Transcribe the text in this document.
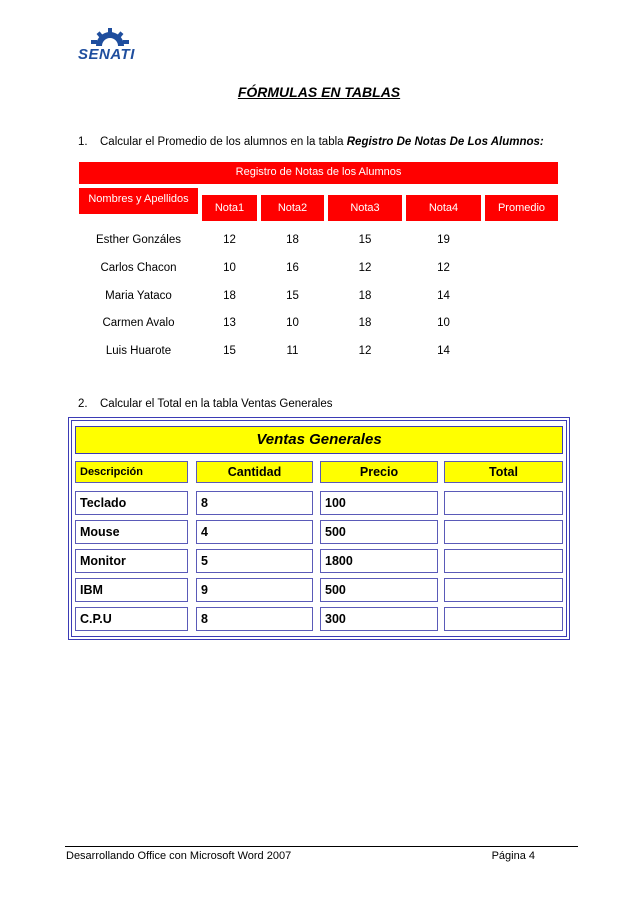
SENATI
FÓRMULAS EN TABLAS
1. Calcular el Promedio de los alumnos en la tabla Registro De Notas De Los Alumnos:
Registro de Notas de los Alumnos
Nombres y Apellidos
Nota1	Nota2	Nota3	Nota4	Promedio
Esther Gonzáles	12	18	15	19
Carlos Chacon	10	16	12	12
Maria Yataco	18	15	18	14
Carmen Avalo	13	10	18	10
Luis Huarote	15	11	12	14
2. Calcular el Total en la tabla Ventas Generales
Ventas Generales
Descripción	Cantidad	Precio	Total
Teclado	8	100
Mouse	4	500
Monitor	5	1800
IBM	9	500
C.P.U	8	300
Desarrollando Office con Microsoft Word 2007	Página 4
